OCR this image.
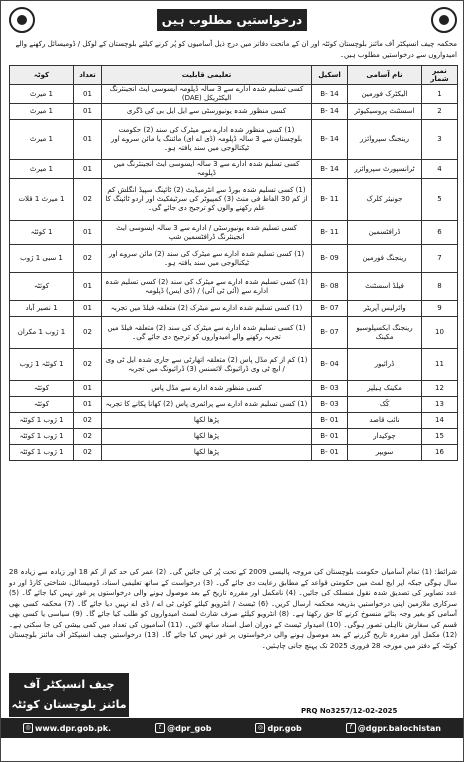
درخواستیں مطلوب ہیں
محکمہ چیف انسپکٹر آف مائنز بلوچستان کوئٹہ اور ان کے ماتحت دفاتر میں درج ذیل آسامیوں کو پُر کرنے کیلئے بلوچستان کے لوکل / ڈومیسائل رکھنے والے امیدواروں سے درخواستیں مطلوب ہیں۔
نمبر شمار	نام آسامی	اسکیل	تعلیمی قابلیت	تعداد	کوٹہ
1	الیکٹرک فورمین	B- 14	کسی تسلیم شدہ ادارے سے 3 سالہ ڈپلومہ ایسوسی ایٹ انجینئرنگ الیکٹریکل (DAE)	01	1 میرٹ
2	اسسٹنٹ پروسیکیوٹر	B- 14	کسی منظور شدہ یونیورسٹی سے ایل ایل بی کی ڈگری	01	1 میرٹ
3	رینجنگ سپروائزر	B- 14	(1) کسی منظور شدہ ادارے سے میٹرک کی سند (2) حکومت بلوچستان سے 3 سالہ ڈپلومہ (ڈی اے ای) مائننگ یا مائن سروے اور ٹیکنالوجی میں سند یافتہ ہو۔	01	1 میرٹ
4	ٹرانسپورٹ سپروائزر	B- 14	کسی تسلیم شدہ ادارے سے 3 سالہ ایسوسی ایٹ انجینئرنگ میں ڈپلومہ	01	1 میرٹ
5	جونیئر کلرک	B- 11	(1) کسی تسلیم شدہ بورڈ سے انٹرمیڈیٹ (2) ٹائپنگ سپیڈ انگلش کم از کم 30 الفاظ فی منٹ (3) کمپیوٹر کی سرٹیفکیٹ اور اردو ٹائپنگ کا علم رکھنے والوں کو ترجیح دی جائے گی۔	02	1 میرٹ 1 قلات
6	ڈرافٹسمین	B- 11	کسی تسلیم شدہ یونیورسٹی / ادارے سے 3 سالہ ایسوسی ایٹ انجینئرنگ ڈرافٹسمین شپ	01	1 کوئٹہ
7	رینجنگ فورمین	B- 09	(1) کسی تسلیم شدہ ادارے سے میٹرک کی سند (2) مائن سروے اور ٹیکنالوجی میں سند یافتہ ہو۔	02	1 سبی 1 ژوب
8	فیلڈ اسسٹنٹ	B- 08	(1) کسی تسلیم شدہ ادارے سے میٹرک کی سند (2) کسی تسلیم شدہ ادارے سے (آئی ٹی آئی) / (ڈی ایس) ڈپلومہ	01	کوئٹہ
9	وائرلیس آپریٹر	B- 07	(1) کسی تسلیم شدہ ادارے سے میٹرک (2) متعلقہ فیلڈ میں تجربہ	01	1 نصیر آباد
10	رینجنگ ایکسپلوسیو مکینک	B- 07	(1) کسی تسلیم شدہ ادارے سے میٹرک کی سند (2) متعلقہ فیلڈ میں تجربہ رکھنے والے امیدواروں کو ترجیح دی جائے گی۔	02	1 ژوب 1 مکران
11	ڈرائیور	B- 04	(1) کم از کم مڈل پاس (2) متعلقہ اتھارٹی سے جاری شدہ ایل ٹی وی / ایچ ٹی وی ڈرائیونگ لائسنس (3) ڈرائیونگ میں تجربہ	02	1 کوئٹہ 1 ژوب
12	مکینک ہیلپر	B- 03	کسی منظور شدہ ادارے سے مڈل پاس	01	کوئٹہ
13	کُک	B- 03	(1) کسی تسلیم شدہ ادارے سے پرائمری پاس (2) کھانا پکانے کا تجربہ	01	کوئٹہ
14	نائب قاصد	B- 01	پڑھا لکھا	02	1 ژوب 1 کوئٹہ
15	چوکیدار	B- 01	پڑھا لکھا	02	1 ژوب 1 کوئٹہ
16	سویپر	B- 01	پڑھا لکھا	02	1 ژوب 1 کوئٹہ
شرائط: (1) تمام آسامیاں حکومت بلوچستان کی مروجہ پالیسی 2009 کے تحت پُر کی جائیں گی۔ (2) عمر کی حد کم از کم 18 اور زیادہ سے زیادہ 28 سال ہوگی جبکہ اپر ایج لمٹ میں حکومتی قواعد کے مطابق رعایت دی جائے گی۔ (3) درخواست کے ساتھ تعلیمی اسناد، ڈومیسائل، شناختی کارڈ اور دو عدد تصاویر کی تصدیق شدہ نقول منسلک کی جائیں۔ (4) نامکمل اور مقررہ تاریخ کے بعد موصول ہونے والی درخواستوں پر غور نہیں کیا جائے گا۔ (5) سرکاری ملازمین اپنی درخواستیں بذریعہ محکمہ ارسال کریں۔ (6) ٹیسٹ / انٹرویو کیلئے کوئی ٹی اے / ڈی اے نہیں دیا جائے گا۔ (7) محکمہ کسی بھی آسامی کو بغیر وجہ بتائے منسوخ کرنے کا حق رکھتا ہے۔ (8) انٹرویو کیلئے صرف شارٹ لسٹ امیدواروں کو طلب کیا جائے گا۔ (9) سیاسی یا کسی بھی قسم کی سفارش نااہلی تصور ہوگی۔ (10) امیدوار ٹیسٹ کے دوران اصل اسناد ساتھ لائیں۔ (11) آسامیوں کی تعداد میں کمی بیشی کی جا سکتی ہے۔ (12) مکمل اور مقررہ تاریخ گزرنے کے بعد موصول ہونے والی درخواستوں پر غور نہیں کیا جائے گا۔ (13) درخواستیں چیف انسپکٹر آف مائنز بلوچستان کوئٹہ کے دفتر میں مورخہ 28 فروری 2025 تک پہنچ جانی چاہئیں۔
چیف انسپکٹر آف
مائنز بلوچستان کوئٹہ	PRQ No3257/12-02-2025
◎ www.dpr.gob.pk.	t @dpr_gob	◎ dpr.gob	f @dgpr.balochistan
